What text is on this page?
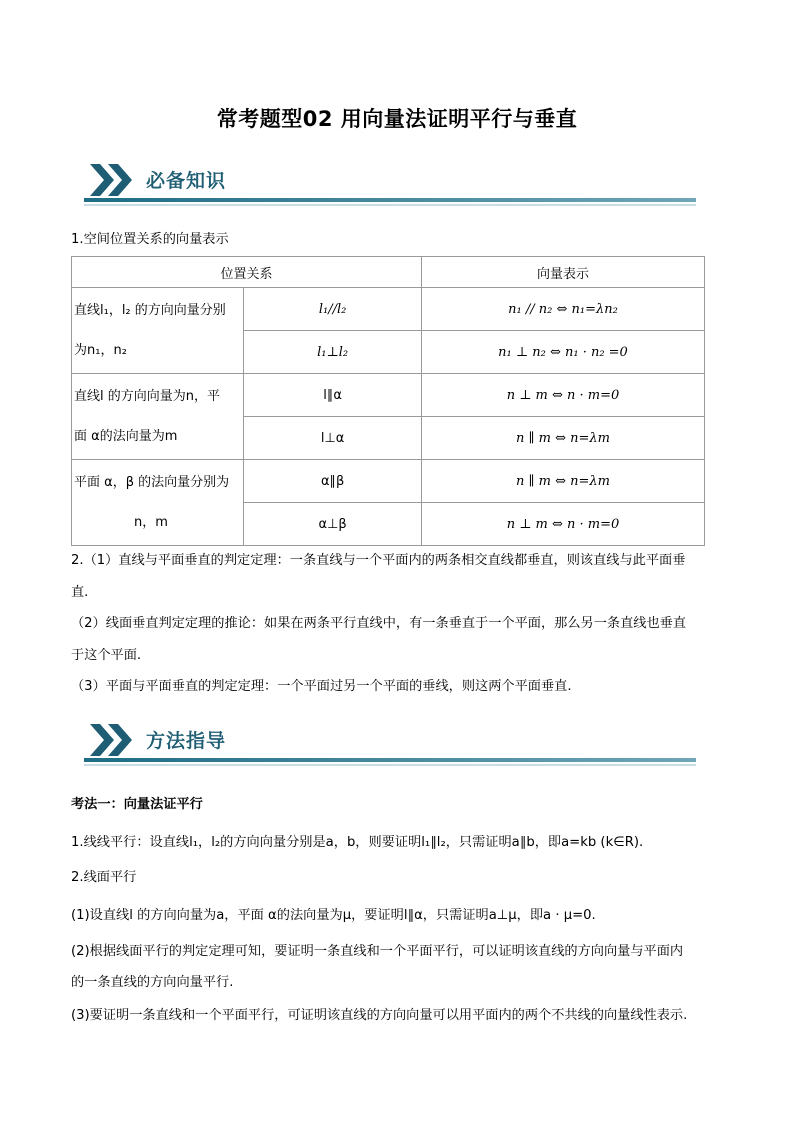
常考题型02 用向量法证明平行与垂直
必备知识
1.空间位置关系的向量表示
位置关系		向量表示

直线l₁，l₂ 的方向向量分别
为n₁，n₂	l₁//l₂	n₁ // n₂ ⇔ n₁=λn₂
	l₁⊥l₂	n₁ ⊥ n₂ ⇔ n₁ · n₂ =0

直线l 的方向向量为n，平
面 α的法向量为m	l∥α	n ⊥ m ⇔ n · m=0
	l⊥α	n ∥ m ⇔ n=λm

平面 α，β 的法向量分别为
n，m	α∥β	n ∥ m ⇔ n=λm
	α⊥β	n ⊥ m ⇔ n · m=0
2.（1）直线与平面垂直的判定定理：一条直线与一个平面内的两条相交直线都垂直，则该直线与此平面垂
直.
（2）线面垂直判定定理的推论：如果在两条平行直线中，有一条垂直于一个平面，那么另一条直线也垂直
于这个平面.
（3）平面与平面垂直的判定定理：一个平面过另一个平面的垂线，则这两个平面垂直.
方法指导
考法一：向量法证平行
1.线线平行：设直线l₁，l₂的方向向量分别是a，b，则要证明l₁∥l₂，只需证明a∥b，即a=kb (k∈R).
2.线面平行
(1)设直线l 的方向向量为a，平面 α的法向量为μ，要证明l∥α，只需证明a⊥μ，即a · μ=0.
(2)根据线面平行的判定定理可知，要证明一条直线和一个平面平行，可以证明该直线的方向向量与平面内
的一条直线的方向向量平行.
(3)要证明一条直线和一个平面平行，可证明该直线的方向向量可以用平面内的两个不共线的向量线性表示.
